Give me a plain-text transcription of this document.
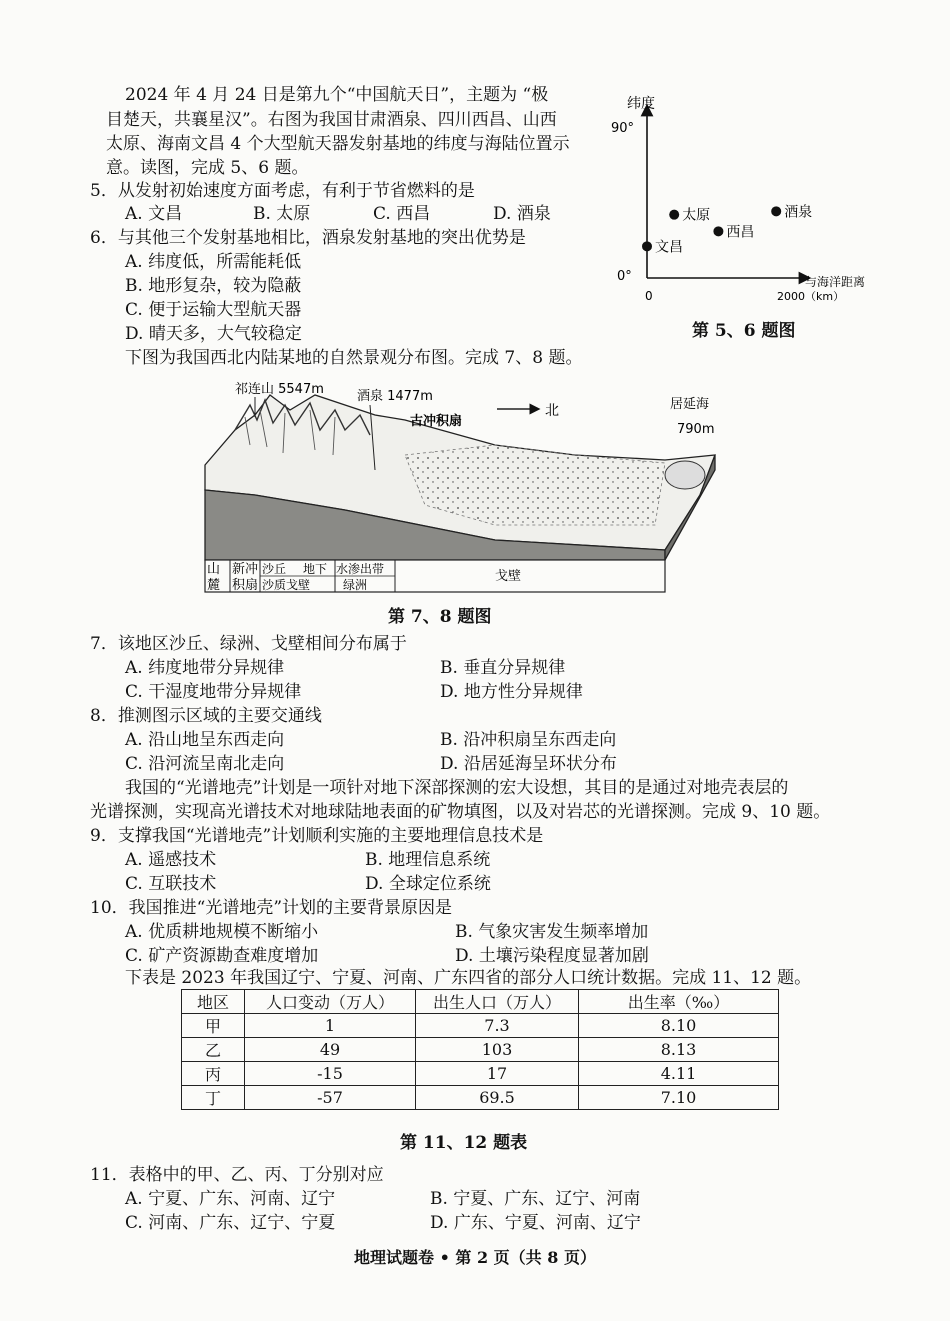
2024 年 4 月 24 日是第九个“中国航天日”，主题为 “极
目楚天，共襄星汉”。右图为我国甘肃酒泉、四川西昌、山西
太原、海南文昌 4 个大型航天器发射基地的纬度与海陆位置示
意。读图，完成 5、6 题。
5．从发射初始速度方面考虑，有利于节省燃料的是
A. 文昌	B. 太原	C. 西昌	D. 酒泉
6．与其他三个发射基地相比，酒泉发射基地的突出优势是
A. 纬度低，所需能耗低
B. 地形复杂，较为隐蔽
C. 便于运输大型航天器
D. 晴天多，大气较稳定
纬度
90°
0°
0
与海洋距离
2000（km）
酒泉
太原
西昌
文昌
第 5、6 题图
下图为我国西北内陆某地的自然景观分布图。完成 7、8 题。
山
麓
新冲
积扇
沙丘 地下
沙质戈壁
水渗出带
绿洲
戈壁
祁连山 5547m	酒泉 1477m
古冲积扇
北	居延海
790m
第 7、8 题图
7．该地区沙丘、绿洲、戈壁相间分布属于
A. 纬度地带分异规律	B. 垂直分异规律
C. 干湿度地带分异规律	D. 地方性分异规律
8．推测图示区域的主要交通线
A. 沿山地呈东西走向	B. 沿冲积扇呈东西走向
C. 沿河流呈南北走向	D. 沿居延海呈环状分布
我国的“光谱地壳”计划是一项针对地下深部探测的宏大设想，其目的是通过对地壳表层的
光谱探测，实现高光谱技术对地球陆地表面的矿物填图，以及对岩芯的光谱探测。完成 9、10 题。
9．支撑我国“光谱地壳”计划顺利实施的主要地理信息技术是
A. 遥感技术	B. 地理信息系统
C. 互联技术	D. 全球定位系统
10．我国推进“光谱地壳”计划的主要背景原因是
A. 优质耕地规模不断缩小	B. 气象灾害发生频率增加
C. 矿产资源勘查难度增加	D. 土壤污染程度显著加剧
下表是 2023 年我国辽宁、宁夏、河南、广东四省的部分人口统计数据。完成 11、12 题。
地区	人口变动（万人）	出生人口（万人）	出生率（‰）
甲	1	7.3	8.10
乙	49	103	8.13
丙	-15	17	4.11
丁	-57	69.5	7.10
第 11、12 题表
11．表格中的甲、乙、丙、丁分别对应
A. 宁夏、广东、河南、辽宁	B. 宁夏、广东、辽宁、河南
C. 河南、广东、辽宁、宁夏	D. 广东、宁夏、河南、辽宁
地理试题卷 • 第 2 页（共 8 页）
